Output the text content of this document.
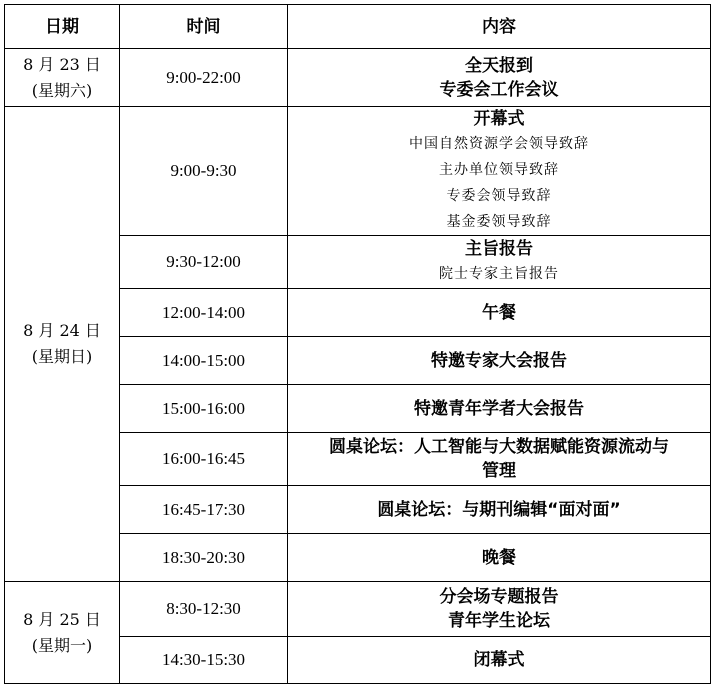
日期	时间	内容

8 月 23 日
(星期六)	9:00-22:00	全天报到
专委会工作会议

8 月 24 日
(星期日)	9:00-9:30	开幕式
中国自然资源学会领导致辞
主办单位领导致辞
专委会领导致辞
基金委领导致辞

	9:30-12:00	主旨报告
院士专家主旨报告

	12:00-14:00	午餐

	14:00-15:00	特邀专家大会报告

	15:00-16:00	特邀青年学者大会报告

	16:00-16:45	圆桌论坛：人工智能与大数据赋能资源流动与
管理

	16:45-17:30	圆桌论坛：与期刊编辑“面对面”

	18:30-20:30	晚餐

8 月 25 日
(星期一)	8:30-12:30	分会场专题报告
青年学生论坛

	14:30-15:30	闭幕式
